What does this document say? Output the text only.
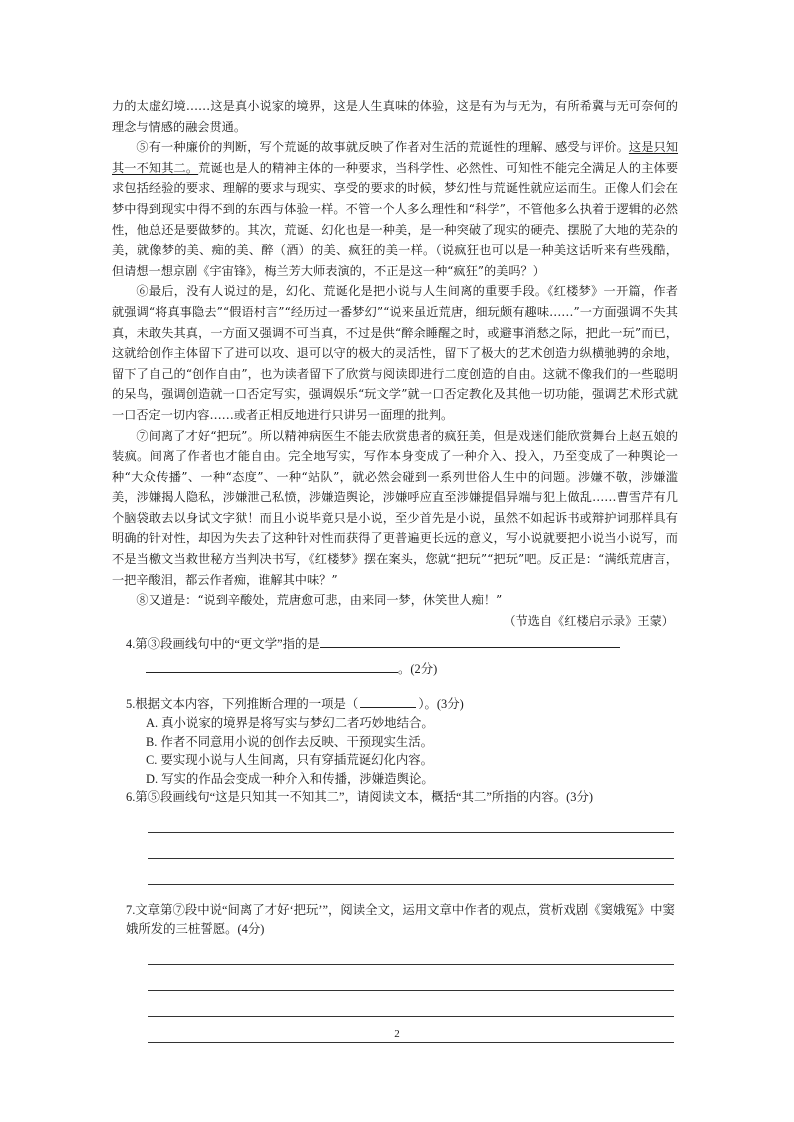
力的太虚幻境……这是真小说家的境界，这是人生真味的体验，这是有为与无为，有所希冀与无可奈何的理念与情感的融会贯通。

⑤有一种廉价的判断，写个荒诞的故事就反映了作者对生活的荒诞性的理解、感受与评价。这是只知其一不知其二。荒诞也是人的精神主体的一种要求，当科学性、必然性、可知性不能完全满足人的主体要求包括经验的要求、理解的要求与现实、享受的要求的时候，梦幻性与荒诞性就应运而生。正像人们会在梦中得到现实中得不到的东西与体验一样。不管一个人多么理性和“科学”，不管他多么执着于逻辑的必然性，他总还是要做梦的。其次，荒诞、幻化也是一种美，是一种突破了现实的硬壳、摆脱了大地的芜杂的美，就像梦的美、痴的美、醉（酒）的美、疯狂的美一样。（说疯狂也可以是一种美这话听来有些残酷，但请想一想京剧《宇宙锋》，梅兰芳大师表演的，不正是这一种“疯狂”的美吗？）

⑥最后，没有人说过的是，幻化、荒诞化是把小说与人生间离的重要手段。《红楼梦》一开篇，作者就强调“将真事隐去”“假语村言”“经历过一番梦幻”“说来虽近荒唐，细玩颇有趣味……”一方面强调不失其真，未敢失其真，一方面又强调不可当真，不过是供“醉余睡醒之时，或避事消愁之际，把此一玩”而已，这就给创作主体留下了进可以攻、退可以守的极大的灵活性，留下了极大的艺术创造力纵横驰骋的余地，留下了自己的“创作自由”，也为读者留下了欣赏与阅读即进行二度创造的自由。这就不像我们的一些聪明的呆鸟，强调创造就一口否定写实，强调娱乐“玩文学”就一口否定教化及其他一切功能，强调艺术形式就一口否定一切内容……或者正相反地进行只讲另一面理的批判。

⑦间离了才好“把玩”。所以精神病医生不能去欣赏患者的疯狂美，但是戏迷们能欣赏舞台上赵五娘的装疯。间离了作者也才能自由。完全地写实，写作本身变成了一种介入、投入，乃至变成了一种舆论一种“大众传播”、一种“态度”、一种“站队”，就必然会碰到一系列世俗人生中的问题。涉嫌不敬，涉嫌滥美，涉嫌揭人隐私，涉嫌泄己私愤，涉嫌造舆论，涉嫌呼应直至涉嫌提倡异端与犯上做乱……曹雪芹有几个脑袋敢去以身试文字狱！而且小说毕竟只是小说，至少首先是小说，虽然不如起诉书或辩护词那样具有明确的针对性，却因为失去了这种针对性而获得了更普遍更长远的意义，写小说就要把小说当小说写，而不是当檄文当救世秘方当判决书写，《红楼梦》摆在案头，您就“把玩”“把玩”吧。反正是：“满纸荒唐言，一把辛酸泪，都云作者痴，谁解其中味？”

⑧又道是：“说到辛酸处，荒唐愈可悲，由来同一梦，休笑世人痴！”

（节选自《红楼启示录》王蒙）

4.第③段画线句中的“更文学”指的是

。(2分)

5.根据文本内容，下列推断合理的一项是（	）。(3分)

A. 真小说家的境界是将写实与梦幻二者巧妙地结合。

B. 作者不同意用小说的创作去反映、干预现实生活。

C. 要实现小说与人生间离，只有穿插荒诞幻化内容。

D. 写实的作品会变成一种介入和传播，涉嫌造舆论。

6.第⑤段画线句“这是只知其一不知其二”，请阅读文本，概括“其二”所指的内容。(3分)

7.文章第⑦段中说“间离了才好‘把玩’”，阅读全文，运用文章中作者的观点，赏析戏剧《窦娥冤》中窦娥所发的三桩誓愿。(4分)

2
